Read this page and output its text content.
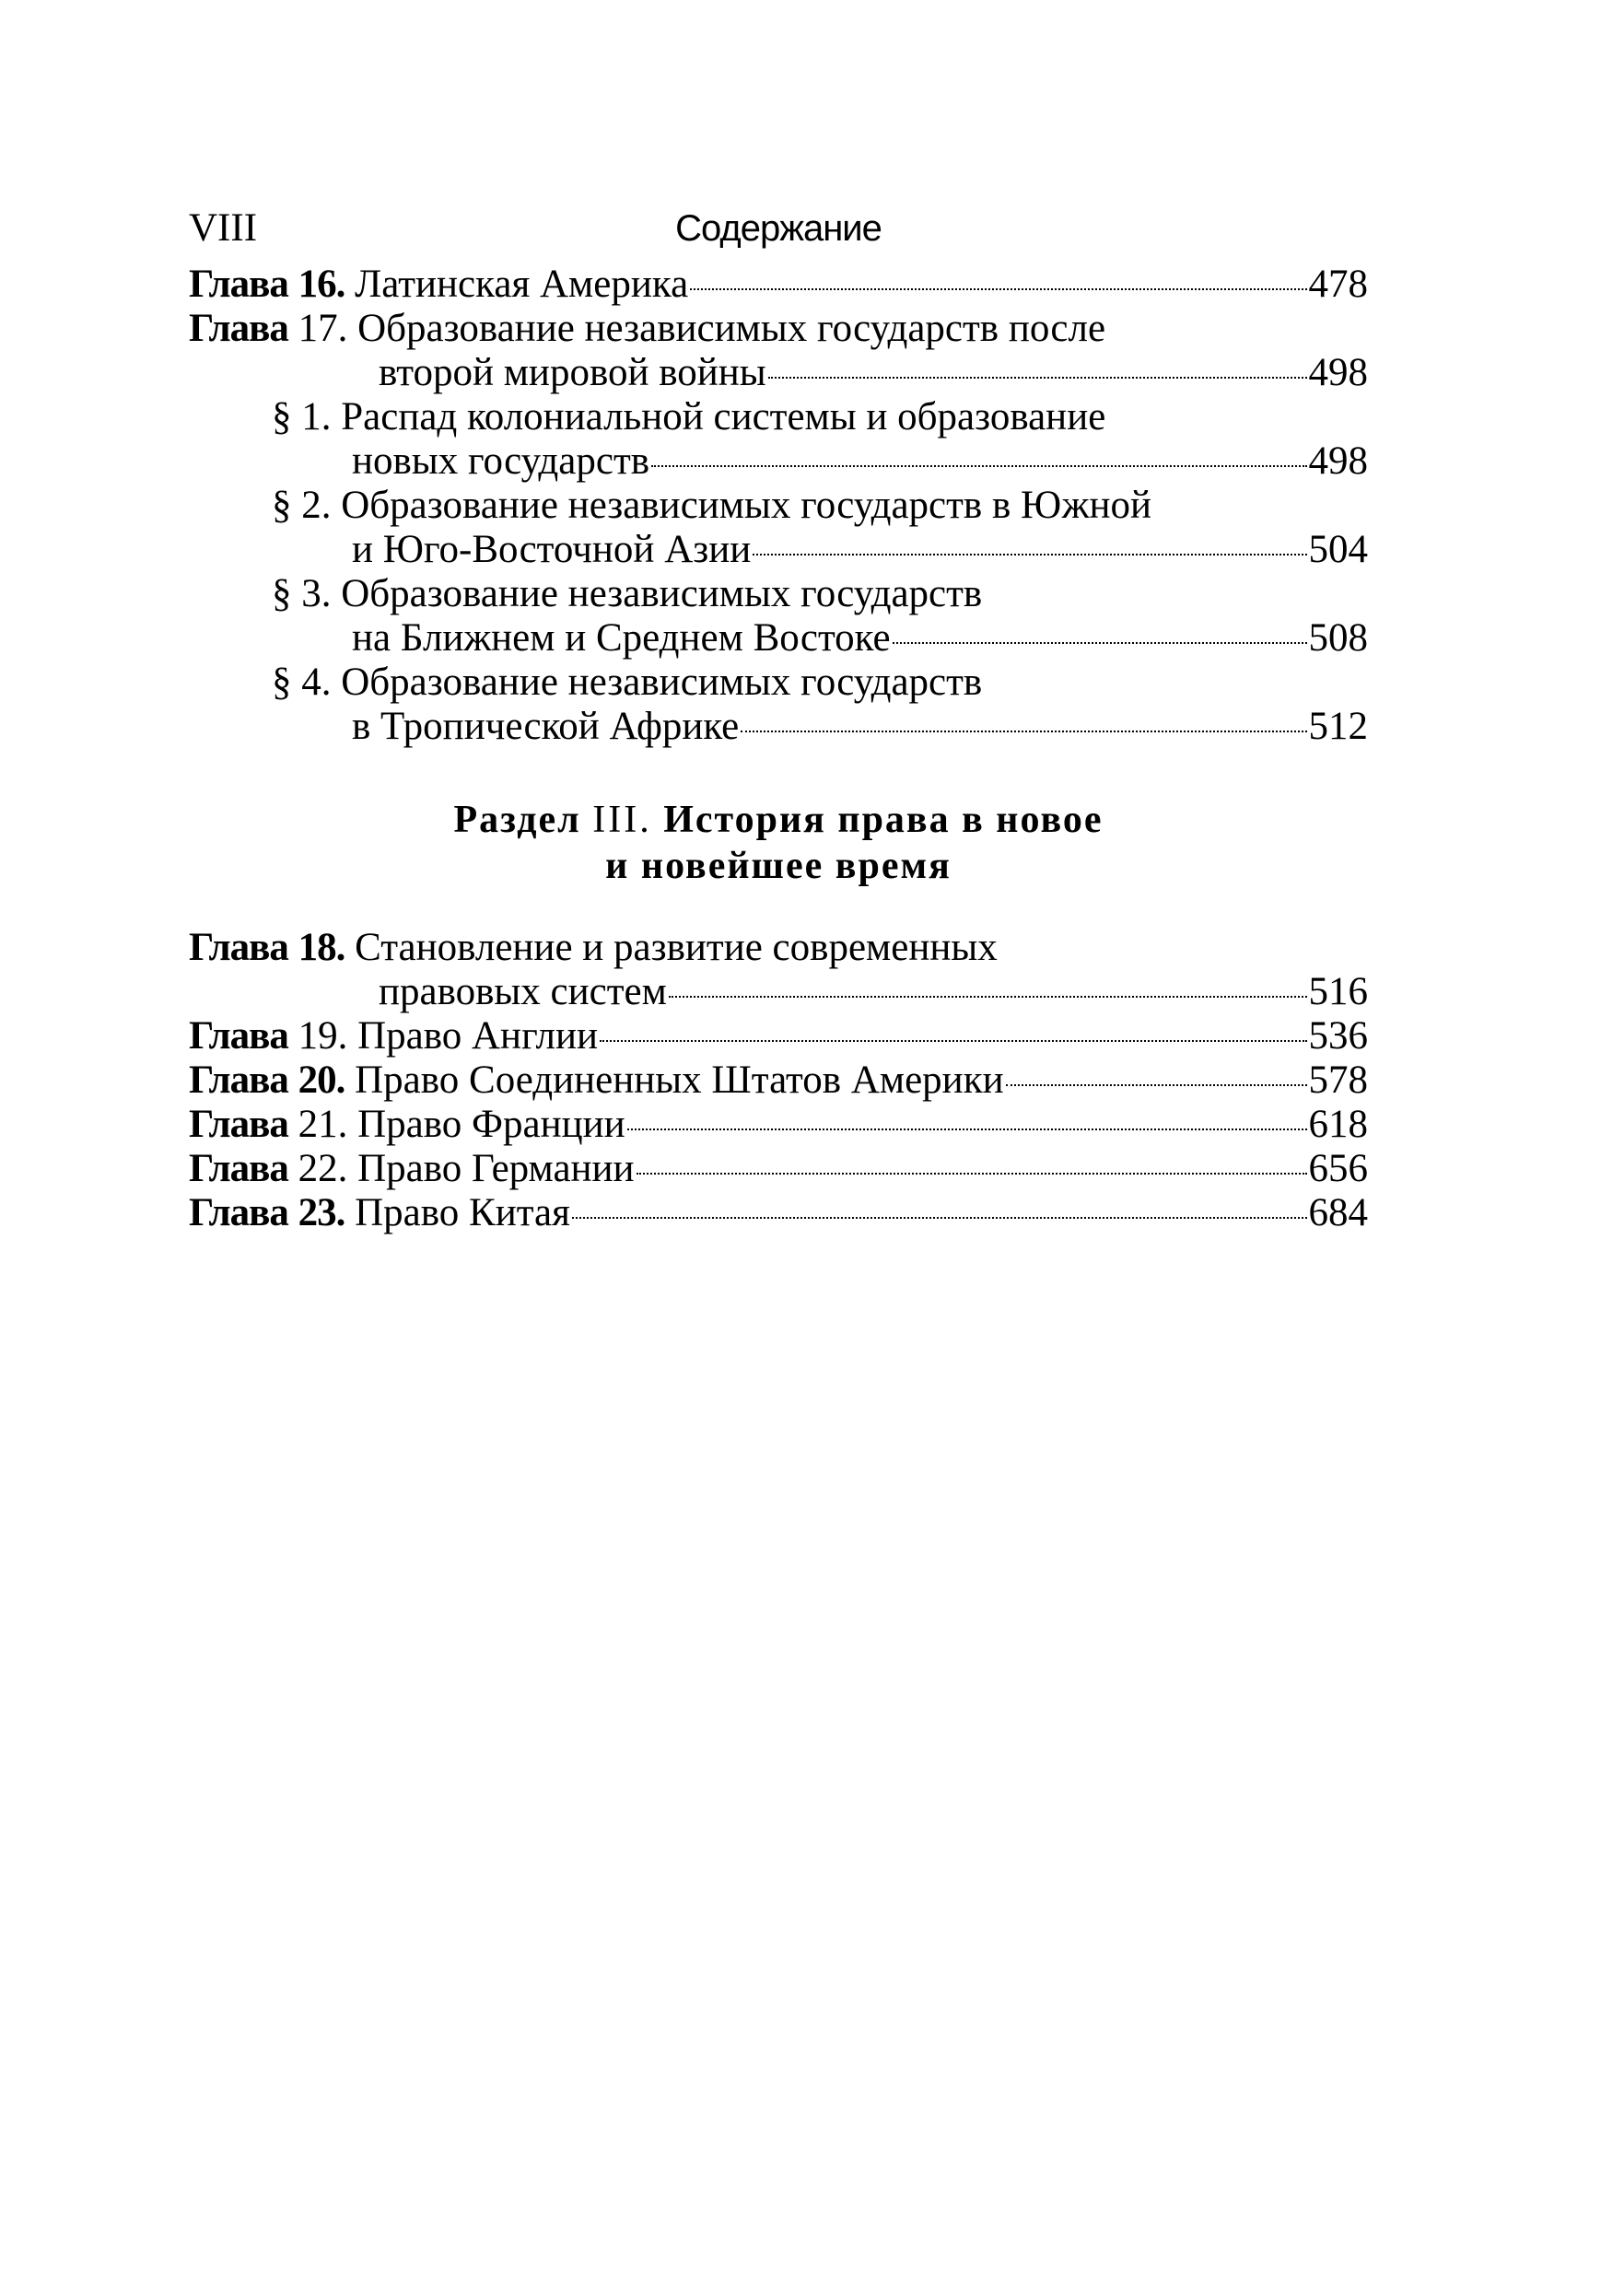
VIII	Содержание
Глава 16. Латинская Америка	478
Глава 17. Образование независимых государств после
второй мировой войны	498
§ 1. Распад колониальной системы и образование
новых государств	498
§ 2. Образование независимых государств в Южной
и Юго-Восточной Азии	504
§ 3. Образование независимых государств
на Ближнем и Среднем Востоке	508
§ 4. Образование независимых государств
в Тропической Африке	512
Раздел III. История права в новое
и новейшее время
Глава 18. Становление и развитие современных
правовых систем	516
Глава 19. Право Англии	536
Глава 20. Право Соединенных Штатов Америки	578
Глава 21. Право Франции	618
Глава 22. Право Германии	656
Глава 23. Право Китая	684
